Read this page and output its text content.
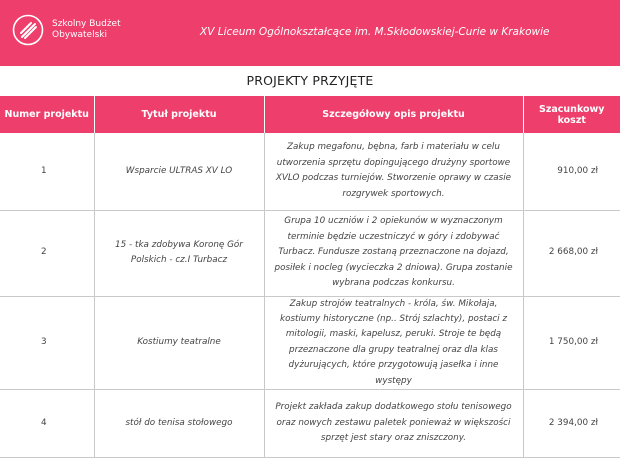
Szkolny Budżet
Obywatelski	XV Liceum Ogólnokształcące im. M.Skłodowskiej-Curie w Krakowie
PROJEKTY PRZYJĘTE
Numer projektu	Tytuł projektu	Szczegółowy opis projektu	Szacunkowy koszt
1	Wsparcie ULTRAS XV LO	Zakup megafonu, bębna, farb i materiału w celu utworzenia sprzętu dopingującego drużyny sportowe XVLO podczas turniejów. Stworzenie oprawy w czasie rozgrywek sportowych.	910,00 zł
2	15 - tka zdobywa Koronę Gór Polskich - cz.I Turbacz	Grupa 10 uczniów i 2 opiekunów w wyznaczonym terminie będzie uczestniczyć w góry i zdobywać Turbacz. Fundusze zostaną przeznaczone na dojazd, posiłek i nocleg (wycieczka 2 dniowa). Grupa zostanie wybrana podczas konkursu.	2 668,00 zł
3	Kostiumy teatralne	Zakup strojów teatralnych - króla, św. Mikołaja, kostiumy historyczne (np.. Strój szlachty), postaci z mitologii, maski, kapelusz, peruki. Stroje te będą przeznaczone dla grupy teatralnej oraz dla klas dyżurujących, które przygotowują jasełka i inne występy	1 750,00 zł
4	stół do tenisa stołowego	Projekt zakłada zakup dodatkowego stołu tenisowego oraz nowych zestawu paletek ponieważ w większości sprzęt jest stary oraz zniszczony.	2 394,00 zł
